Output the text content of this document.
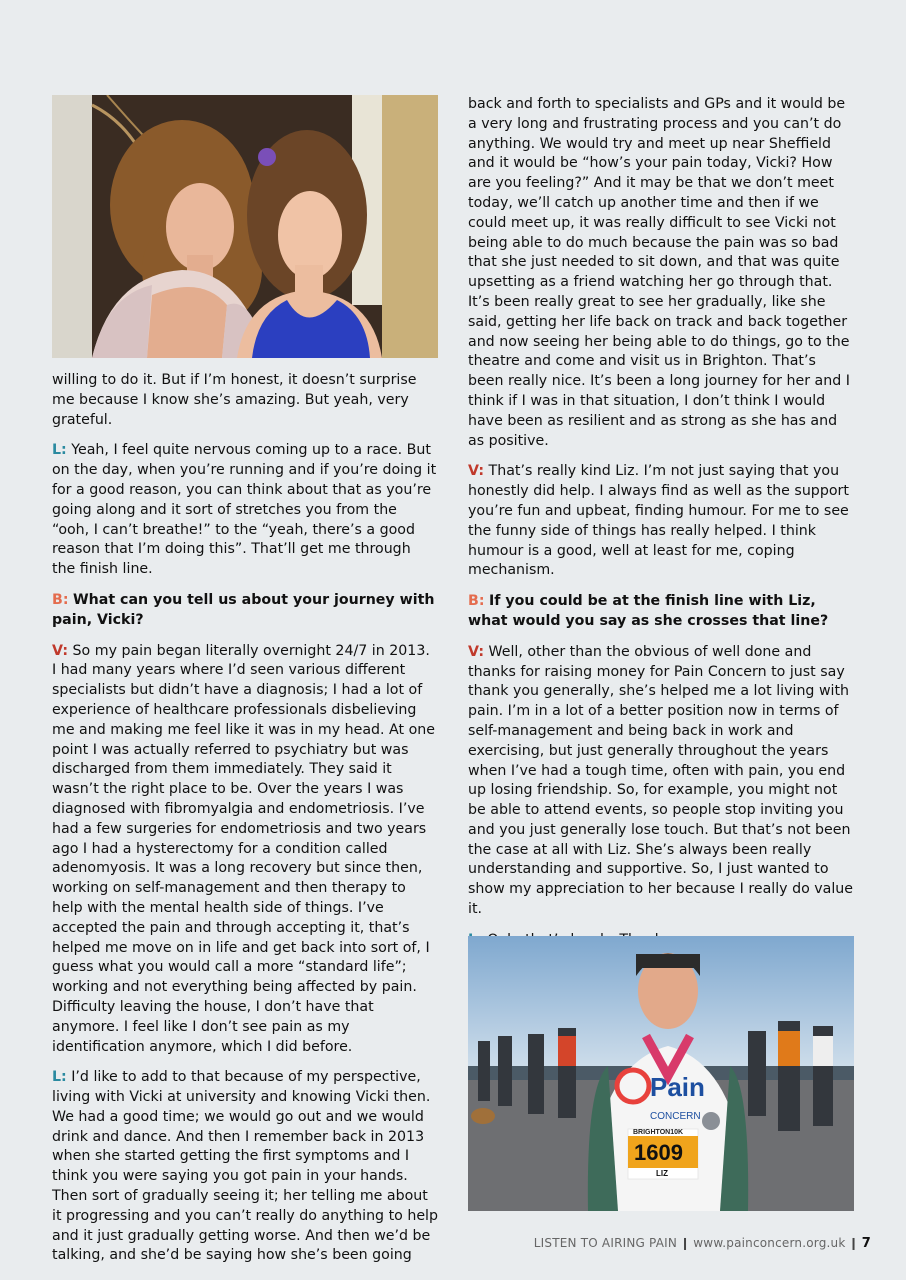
willing to do it. But if I’m honest, it doesn’t surprise me because I know she’s amazing. But yeah, very grateful.

L: Yeah, I feel quite nervous coming up to a race. But on the day, when you’re running and if you’re doing it for a good reason, you can think about that as you’re going along and it sort of stretches you from the “ooh, I can’t breathe!” to the “yeah, there’s a good reason that I’m doing this”. That’ll get me through the finish line.

B: What can you tell us about your journey with pain, Vicki?

V: So my pain began literally overnight 24/7 in 2013. I had many years where I’d seen various different specialists but didn’t have a diagnosis; I had a lot of experience of healthcare professionals disbelieving me and making me feel like it was in my head. At one point I was actually referred to psychiatry but was discharged from them immediately. They said it wasn’t the right place to be. Over the years I was diagnosed with fibromyalgia and endometriosis. I’ve had a few surgeries for endometriosis and two years ago I had a hysterectomy for a condition called adenomyosis. It was a long recovery but since then, working on self-management and then therapy to help with the mental health side of things. I’ve accepted the pain and through accepting it, that’s helped me move on in life and get back into sort of, I guess what you would call a more “standard life”; working and not everything being affected by pain. Difficulty leaving the house, I don’t have that anymore. I feel like I don’t see pain as my identification anymore, which I did before.

L: I’d like to add to that because of my perspective, living with Vicki at university and knowing Vicki then. We had a good time; we would go out and we would drink and dance. And then I remember back in 2013 when she started getting the first symptoms and I think you were saying you got pain in your hands. Then sort of gradually seeing it; her telling me about it progressing and you can’t really do anything to help and it just gradually getting worse. And then we’d be talking, and she’d be saying how she’s been going

back and forth to specialists and GPs and it would be a very long and frustrating process and you can’t do anything. We would try and meet up near Sheffield and it would be “how’s your pain today, Vicki? How are you feeling?” And it may be that we don’t meet today, we’ll catch up another time and then if we could meet up, it was really difficult to see Vicki not being able to do much because the pain was so bad that she just needed to sit down, and that was quite upsetting as a friend watching her go through that. It’s been really great to see her gradually, like she said, getting her life back on track and back together and now seeing her being able to do things, go to the theatre and come and visit us in Brighton. That’s been really nice. It’s been a long journey for her and I think if I was in that situation, I don’t think I would have been as resilient and as strong as she has and as positive.

V: That’s really kind Liz. I’m not just saying that you honestly did help. I always find as well as the support you’re fun and upbeat, finding humour. For me to see the funny side of things has really helped. I think humour is a good, well at least for me, coping mechanism.

B: If you could be at the finish line with Liz, what would you say as she crosses that line?

V: Well, other than the obvious of well done and thanks for raising money for Pain Concern to just say thank you generally, she’s helped me a lot living with pain. I’m in a lot of a better position now in terms of self-management and being back in work and exercising, but just generally throughout the years when I’ve had a tough time, often with pain, you end up losing friendship. So, for example, you might not be able to attend events, so people stop inviting you and you just generally lose touch. But that’s not been the case at all with Liz. She’s always been really understanding and supportive. So, I just wanted to show my appreciation to her because I really do value it.

Pain
CONCERN
BRIGHTON10K
1609
LIZ
LISTEN TO AIRING PAIN ❙ www.painconcern.org.uk ❙ 7
